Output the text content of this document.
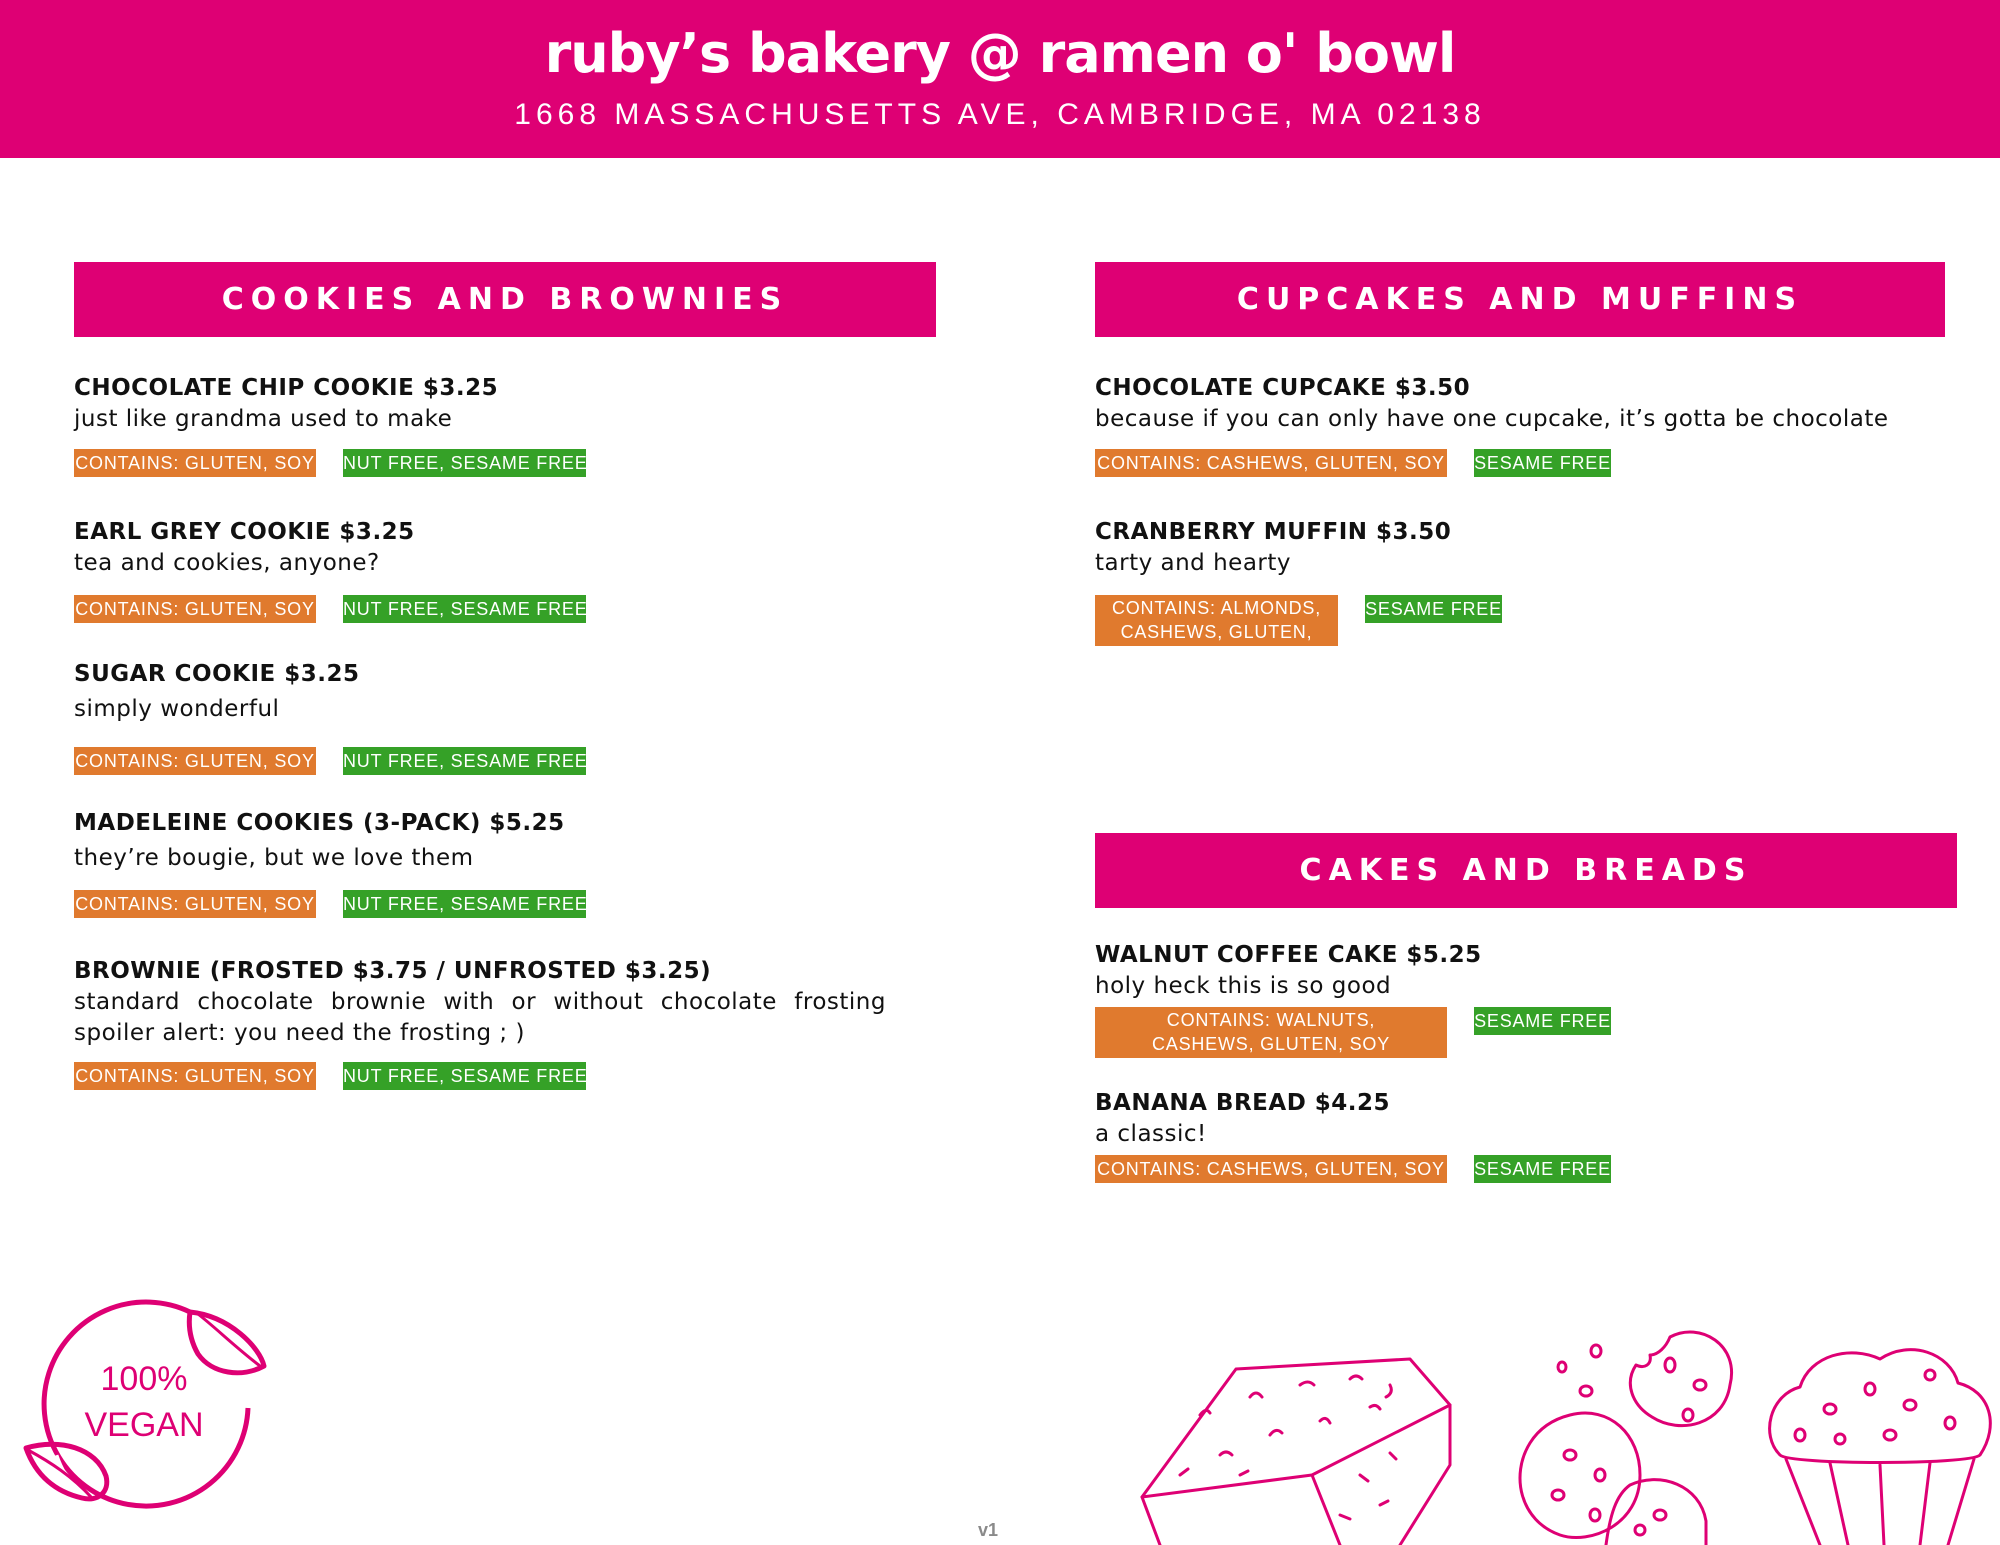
ruby’s bakery @ ramen o' bowl
1668 MASSACHUSETTS AVE, CAMBRIDGE, MA 02138
COOKIES AND BROWNIES
CHOCOLATE CHIP COOKIE $3.25
just like grandma used to make
CONTAINS: GLUTEN, SOY NUT FREE, SESAME FREE
EARL GREY COOKIE $3.25
tea and cookies, anyone?
CONTAINS: GLUTEN, SOY NUT FREE, SESAME FREE
SUGAR COOKIE $3.25
simply wonderful
CONTAINS: GLUTEN, SOY NUT FREE, SESAME FREE
MADELEINE COOKIES (3-PACK) $5.25
they’re bougie, but we love them
CONTAINS: GLUTEN, SOY NUT FREE, SESAME FREE
BROWNIE (FROSTED $3.75 / UNFROSTED $3.25)
standard chocolate brownie with or without chocolate frosting
spoiler alert: you need the frosting ; )
CONTAINS: GLUTEN, SOY NUT FREE, SESAME FREE
CUPCAKES AND MUFFINS
CHOCOLATE CUPCAKE $3.50
because if you can only have one cupcake, it’s gotta be chocolate
CONTAINS: CASHEWS, GLUTEN, SOY SESAME FREE
CRANBERRY MUFFIN $3.50
tarty and hearty
CONTAINS: ALMONDS, CASHEWS, GLUTEN, SOY
SESAME FREE
CAKES AND BREADS
WALNUT COFFEE CAKE $5.25
holy heck this is so good
CONTAINS: WALNUTS, CASHEWS, GLUTEN, SOY
SESAME FREE
BANANA BREAD $4.25
a classic!
CONTAINS: CASHEWS, GLUTEN, SOY SESAME FREE
100%
VEGAN
v1
